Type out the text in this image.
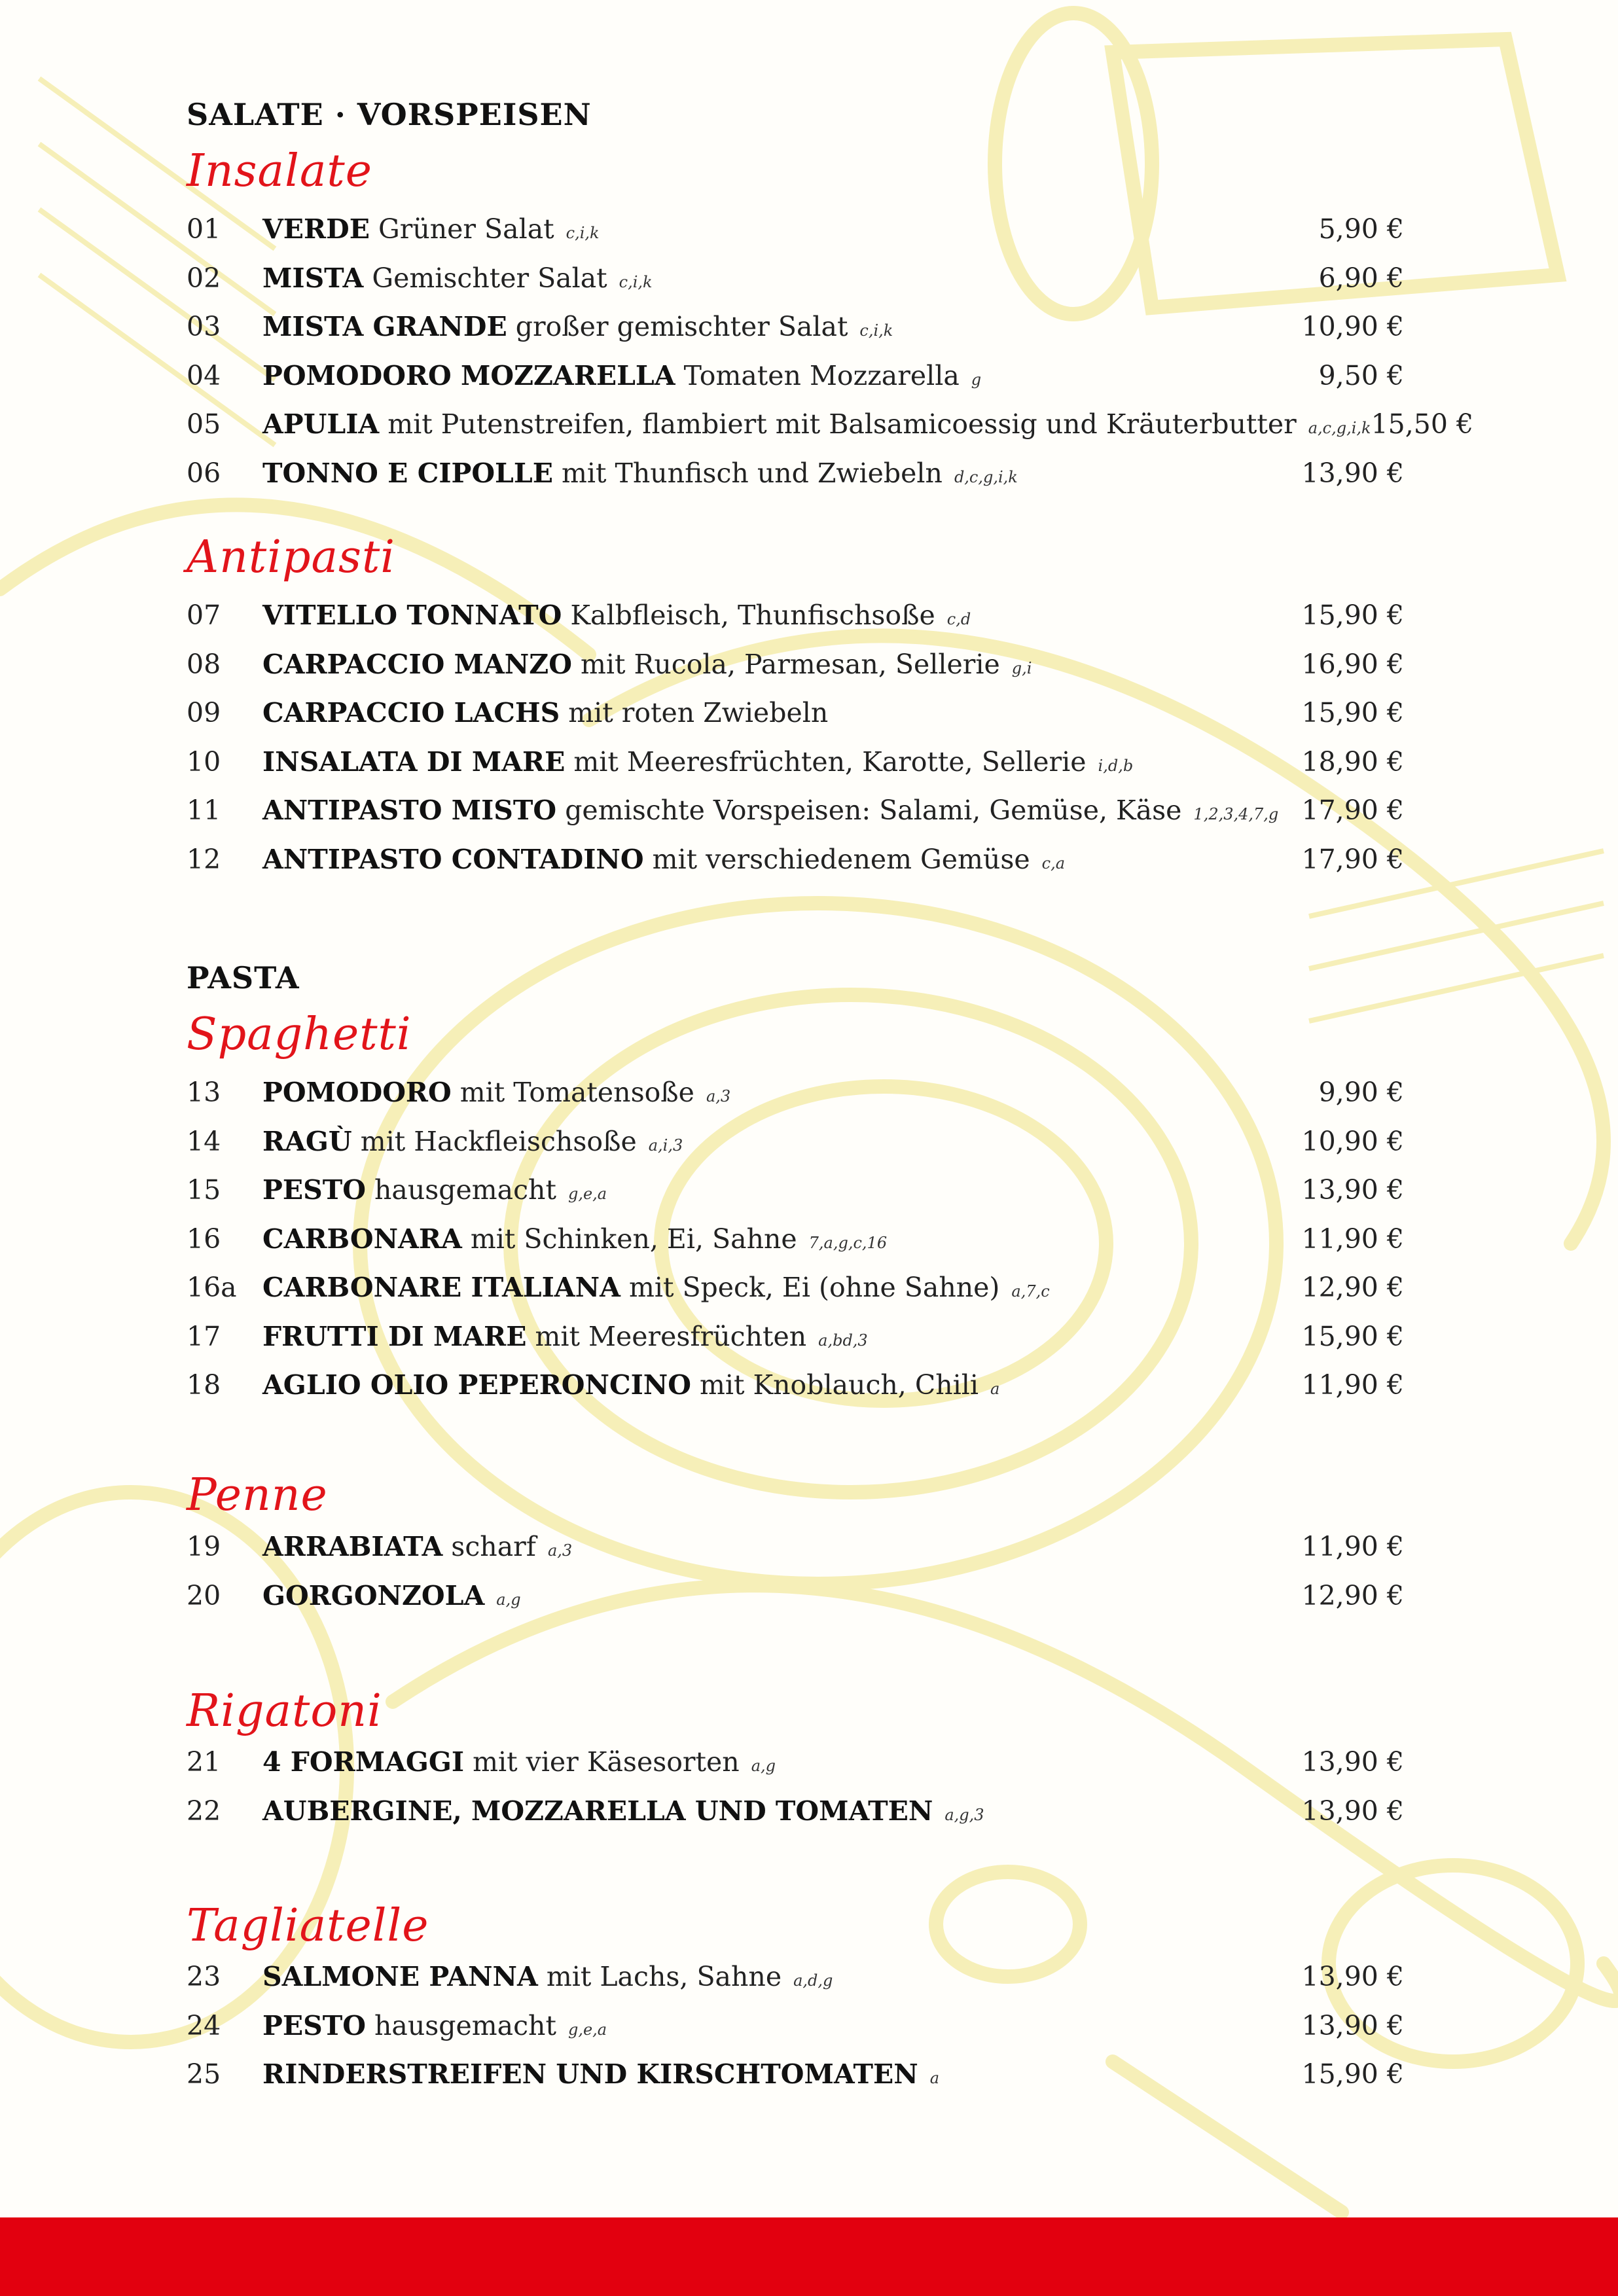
SALATE · VORSPEISEN
Insalate
01	VERDE Grüner Salat c,i,k	5,90 €
02	MISTA Gemischter Salat c,i,k	6,90 €
03	MISTA GRANDE großer gemischter Salat c,i,k	10,90 €
04	POMODORO MOZZARELLA Tomaten Mozzarella g	9,50 €
05	APULIA mit Putenstreifen, flambiert mit Balsamicoessig und Kräuterbutter a,c,g,i,k 15,50 €
06	TONNO E CIPOLLE mit Thunfisch und Zwiebeln d,c,g,i,k	13,90 €
Antipasti
07	VITELLO TONNATO Kalbfleisch, Thunfischsoße c,d	15,90 €
08	CARPACCIO MANZO mit Rucola, Parmesan, Sellerie g,i	16,90 €
09	CARPACCIO LACHS mit roten Zwiebeln	15,90 €
10	INSALATA DI MARE mit Meeresfrüchten, Karotte, Sellerie i,d,b	18,90 €
11	ANTIPASTO MISTO gemischte Vorspeisen: Salami, Gemüse, Käse 1,2,3,4,7,g 17,90 €
12	ANTIPASTO CONTADINO mit verschiedenem Gemüse c,a	17,90 €
PASTA
Spaghetti
13	POMODORO mit Tomatensoße a,3	9,90 €
14	RAGÙ mit Hackfleischsoße a,i,3	10,90 €
15	PESTO hausgemacht g,e,a	13,90 €
16	CARBONARA mit Schinken, Ei, Sahne 7,a,g,c,16	11,90 €
16a CARBONARE ITALIANA mit Speck, Ei (ohne Sahne) a,7,c	12,90 €
17	FRUTTI DI MARE mit Meeresfrüchten a,bd,3	15,90 €
18	AGLIO OLIO PEPERONCINO mit Knoblauch, Chili a	11,90 €
Penne
19	ARRABIATA scharf a,3	11,90 €
20	GORGONZOLA a,g	12,90 €
Rigatoni
21	4 FORMAGGI mit vier Käsesorten a,g	13,90 €
22	AUBERGINE, MOZZARELLA UND TOMATEN a,g,3	13,90 €
Tagliatelle
23	SALMONE PANNA mit Lachs, Sahne a,d,g	13,90 €
24	PESTO hausgemacht g,e,a	13,90 €
25	RINDERSTREIFEN UND KIRSCHTOMATEN a	15,90 €
